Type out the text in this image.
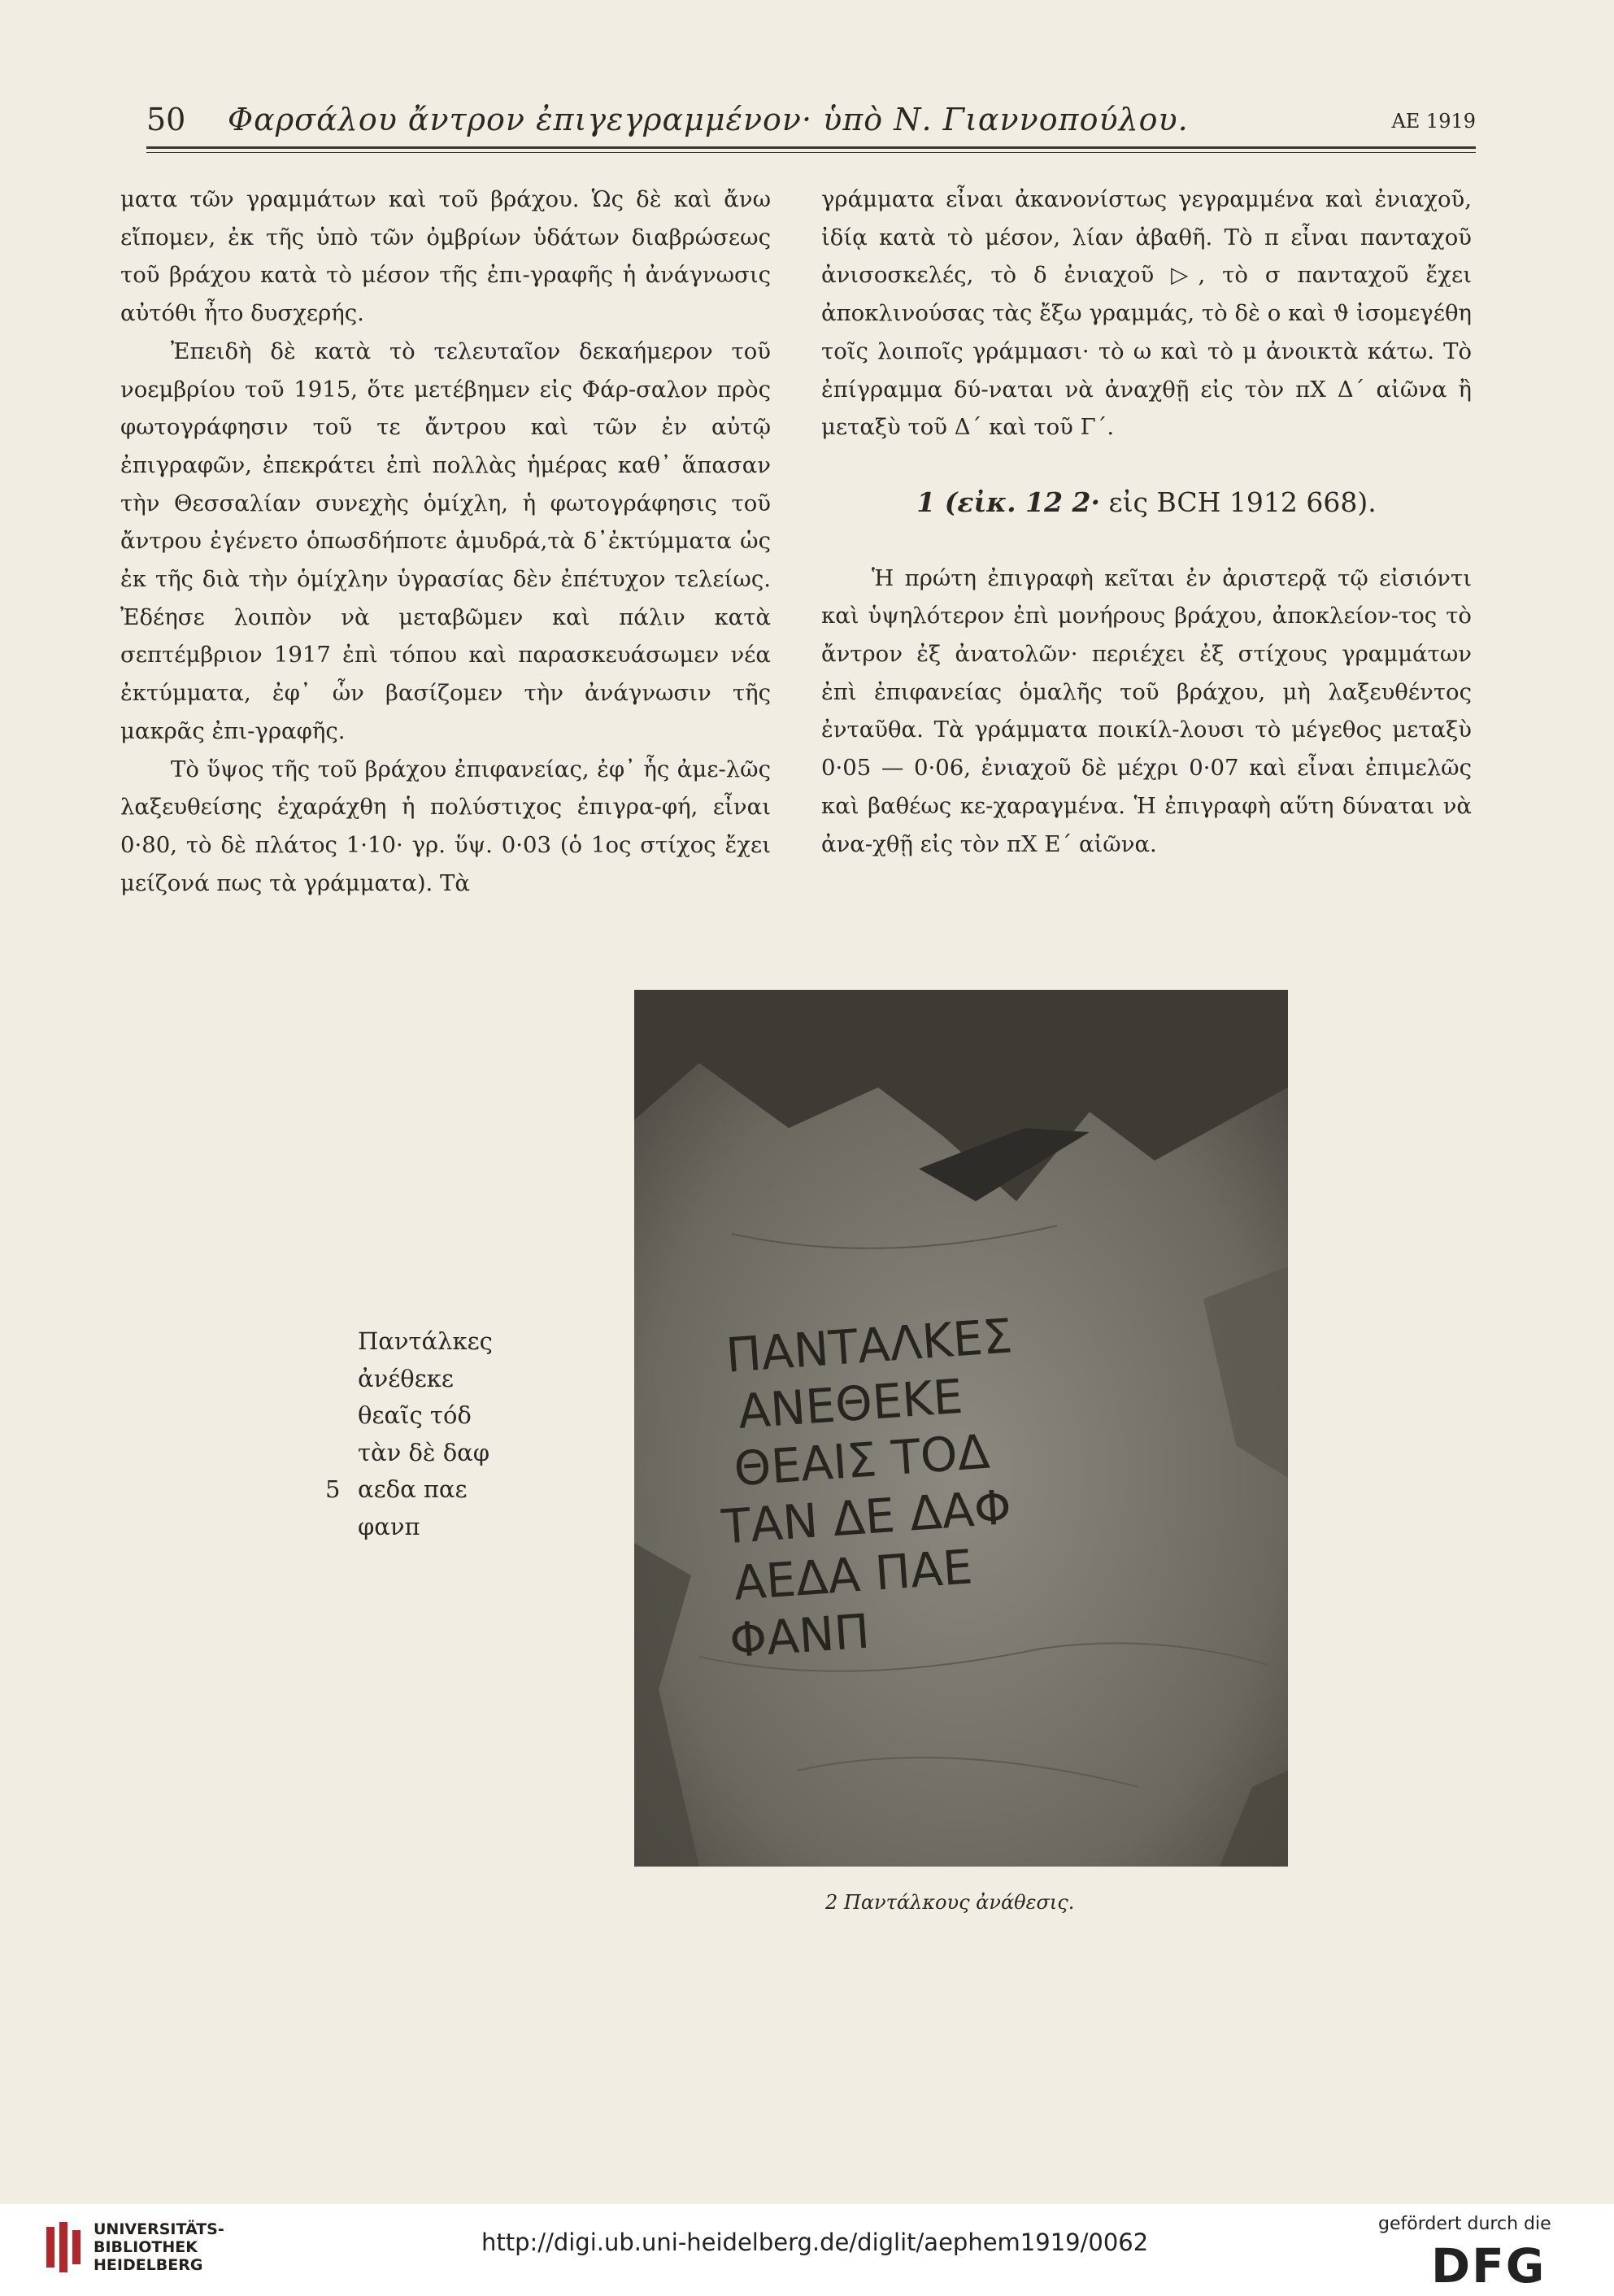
50 Φαρσάλου ἄντρον ἐπιγεγραμμένον· ὑπὸ Ν. Γιαννοπούλου.	ΑΕ 1919

ματα τῶν γραμμάτων καὶ τοῦ βράχου. Ὡς δὲ καὶ ἄνω εἴπομεν, ἐκ τῆς ὑπὸ τῶν ὀμβρίων ὑδάτων διαβρώσεως τοῦ βράχου κατὰ τὸ μέσον τῆς ἐπι-γραφῆς ἡ ἀνάγνωσις αὐτόθι ἦτο δυσχερής.

Ἐπειδὴ δὲ κατὰ τὸ τελευταῖον δεκαήμερον τοῦ νοεμβρίου τοῦ 1915, ὅτε μετέβημεν εἰς Φάρ-σαλον πρὸς φωτογράφησιν τοῦ τε ἄντρου καὶ τῶν ἐν αὐτῷ ἐπιγραφῶν, ἐπεκράτει ἐπὶ πολλὰς ἡμέρας καθ᾽ ἅπασαν τὴν Θεσσαλίαν συνεχὴς ὁμίχλη, ἡ φωτογράφησις τοῦ ἄντρου ἐγένετο ὁπωσδήποτε ἀμυδρά,τὰ δ᾽ἐκτύμματα ὡς ἐκ τῆς διὰ τὴν ὁμίχλην ὑγρασίας δὲν ἐπέτυχον τελείως. Ἐδέησε λοιπὸν νὰ μεταβῶμεν καὶ πάλιν κατὰ σεπτέμβριον 1917 ἐπὶ τόπου καὶ παρασκευάσωμεν νέα ἐκτύμματα, ἐφ᾽ ὧν βασίζομεν τὴν ἀνάγνωσιν τῆς μακρᾶς ἐπι-γραφῆς.

Τὸ ὕψος τῆς τοῦ βράχου ἐπιφανείας, ἐφ᾽ ἧς ἀμε-λῶς λαξευθείσης ἐχαράχθη ἡ πολύστιχος ἐπιγρα-φή, εἶναι 0·80, τὸ δὲ πλάτος 1·10· γρ. ὕψ. 0·03 (ὁ 1ος στίχος ἔχει μείζονά πως τὰ γράμματα). Τὰ

γράμματα εἶναι ἀκανονίστως γεγραμμένα καὶ ἐνιαχοῦ, ἰδίᾳ κατὰ τὸ μέσον, λίαν ἀβαθῆ. Τὸ π εἶναι πανταχοῦ ἀνισοσκελές, τὸ δ ἐνιαχοῦ ▷, τὸ σ πανταχοῦ ἔχει ἀποκλινούσας τὰς ἔξω γραμμάς, τὸ δὲ ο καὶ ϑ ἰσομεγέθη τοῖς λοιποῖς γράμμασι· τὸ ω καὶ τὸ μ ἀνοικτὰ κάτω. Τὸ ἐπίγραμμα δύ-ναται νὰ ἀναχθῇ εἰς τὸν πΧ Δ´ αἰῶνα ἢ μεταξὺ τοῦ Δ´ καὶ τοῦ Γ´.

1 (εἰκ. 12 2· εἰς BCH 1912 668).

Ἡ πρώτη ἐπιγραφὴ κεῖται ἐν ἀριστερᾷ τῷ εἰσιόντι καὶ ὑψηλότερον ἐπὶ μονήρους βράχου, ἀποκλείον-τος τὸ ἄντρον ἐξ ἀνατολῶν· περιέχει ἐξ στίχους γραμμάτων ἐπὶ ἐπιφανείας ὁμαλῆς τοῦ βράχου, μὴ λαξευθέντος ἐνταῦθα. Τὰ γράμματα ποικίλ-λουσι τὸ μέγεθος μεταξὺ 0·05 — 0·06, ἐνιαχοῦ δὲ μέχρι 0·07 καὶ εἶναι ἐπιμελῶς καὶ βαθέως κε-χαραγμένα. Ἡ ἐπιγραφὴ αὕτη δύναται νὰ ἀνα-χθῇ εἰς τὸν πΧ Ε´ αἰῶνα.

Παντάλκες
ἀνέθεκε
θεαῖς τόδ
τὰν δὲ δαφ
5 αεδα παε
φανπ
ΠΑΝΤΑΛΚΕΣ
ΑΝΕΘΕΚΕ
ΘΕΑΙΣ ΤΟΔ
ΤΑΝ ΔΕ ΔΑΦ
ΑΕΔΑ ΠΑΕ
ΦΑΝΠ
2 Παντάλκους ἀνάθεσις.
UNIVERSITÄTS-
BIBLIOTHEK
HEIDELBERG
http://digi.ub.uni-heidelberg.de/diglit/aephem1919/0062
gefördert durch die
DFG
